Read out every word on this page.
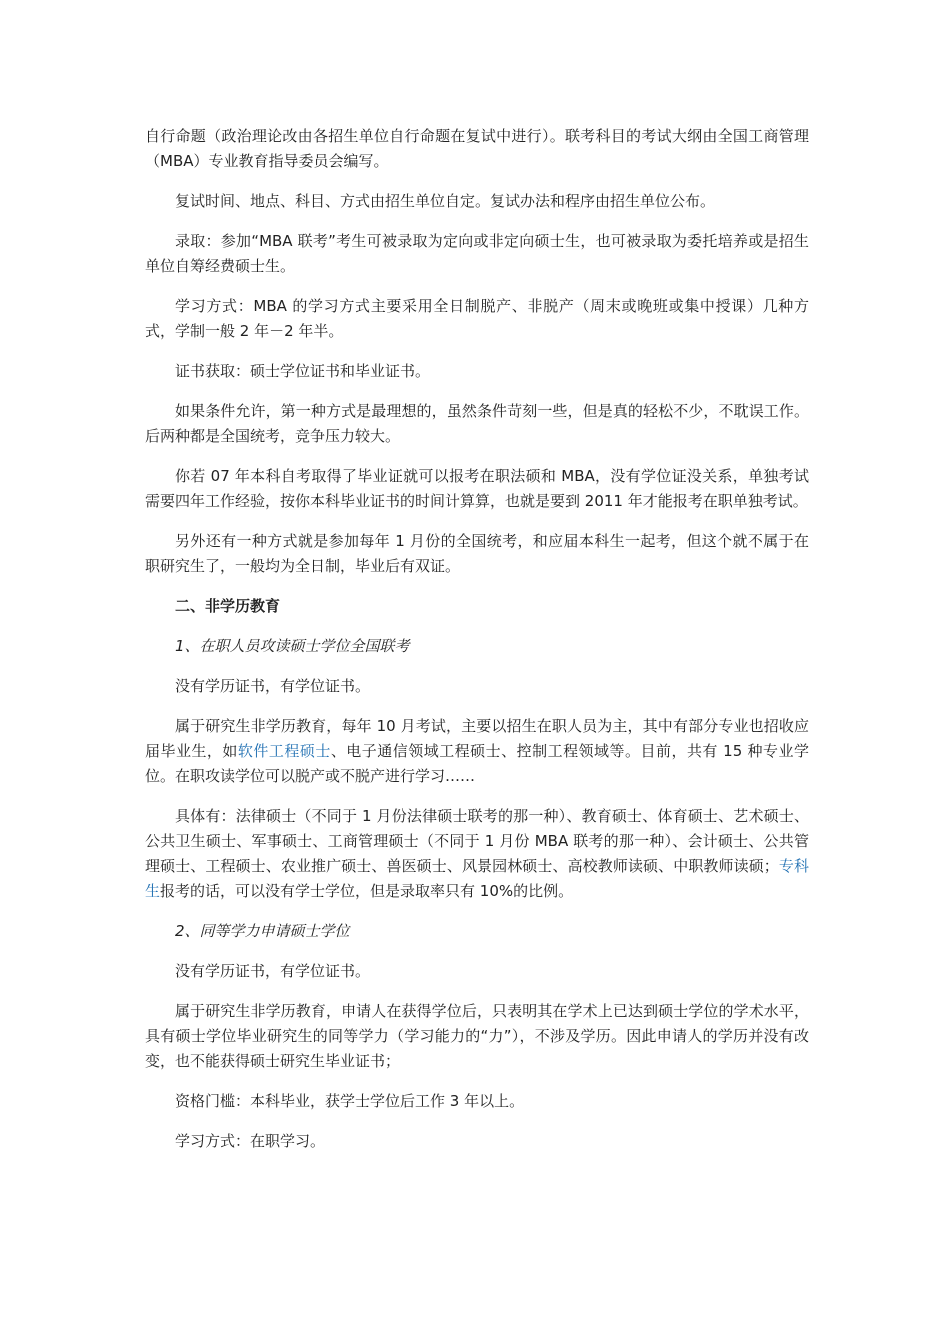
自行命题（政治理论改由各招生单位自行命题在复试中进行）。联考科目的考试大纲由全国工商管理（MBA）专业教育指导委员会编写。

复试时间、地点、科目、方式由招生单位自定。复试办法和程序由招生单位公布。

录取：参加“MBA 联考”考生可被录取为定向或非定向硕士生，也可被录取为委托培养或是招生单位自筹经费硕士生。

学习方式：MBA 的学习方式主要采用全日制脱产、非脱产（周末或晚班或集中授课）几种方式，学制一般 2 年－2 年半。

证书获取：硕士学位证书和毕业证书。

如果条件允许，第一种方式是最理想的，虽然条件苛刻一些，但是真的轻松不少，不耽误工作。后两种都是全国统考，竞争压力较大。

你若 07 年本科自考取得了毕业证就可以报考在职法硕和 MBA，没有学位证没关系，单独考试需要四年工作经验，按你本科毕业证书的时间计算算，也就是要到 2011 年才能报考在职单独考试。

另外还有一种方式就是参加每年 1 月份的全国统考，和应届本科生一起考，但这个就不属于在职研究生了，一般均为全日制，毕业后有双证。

二、非学历教育

1、在职人员攻读硕士学位全国联考

没有学历证书，有学位证书。

属于研究生非学历教育，每年 10 月考试，主要以招生在职人员为主，其中有部分专业也招收应届毕业生，如软件工程硕士、电子通信领域工程硕士、控制工程领域等。目前，共有 15 种专业学位。在职攻读学位可以脱产或不脱产进行学习……

具体有：法律硕士（不同于 1 月份法律硕士联考的那一种）、教育硕士、体育硕士、艺术硕士、公共卫生硕士、军事硕士、工商管理硕士（不同于 1 月份 MBA 联考的那一种）、会计硕士、公共管理硕士、工程硕士、农业推广硕士、兽医硕士、风景园林硕士、高校教师读硕、中职教师读硕；专科生报考的话，可以没有学士学位，但是录取率只有 10%的比例。

2、同等学力申请硕士学位

没有学历证书，有学位证书。

属于研究生非学历教育，申请人在获得学位后，只表明其在学术上已达到硕士学位的学术水平，具有硕士学位毕业研究生的同等学力（学习能力的“力”），不涉及学历。因此申请人的学历并没有改变，也不能获得硕士研究生毕业证书；

资格门槛：本科毕业，获学士学位后工作 3 年以上。

学习方式：在职学习。
